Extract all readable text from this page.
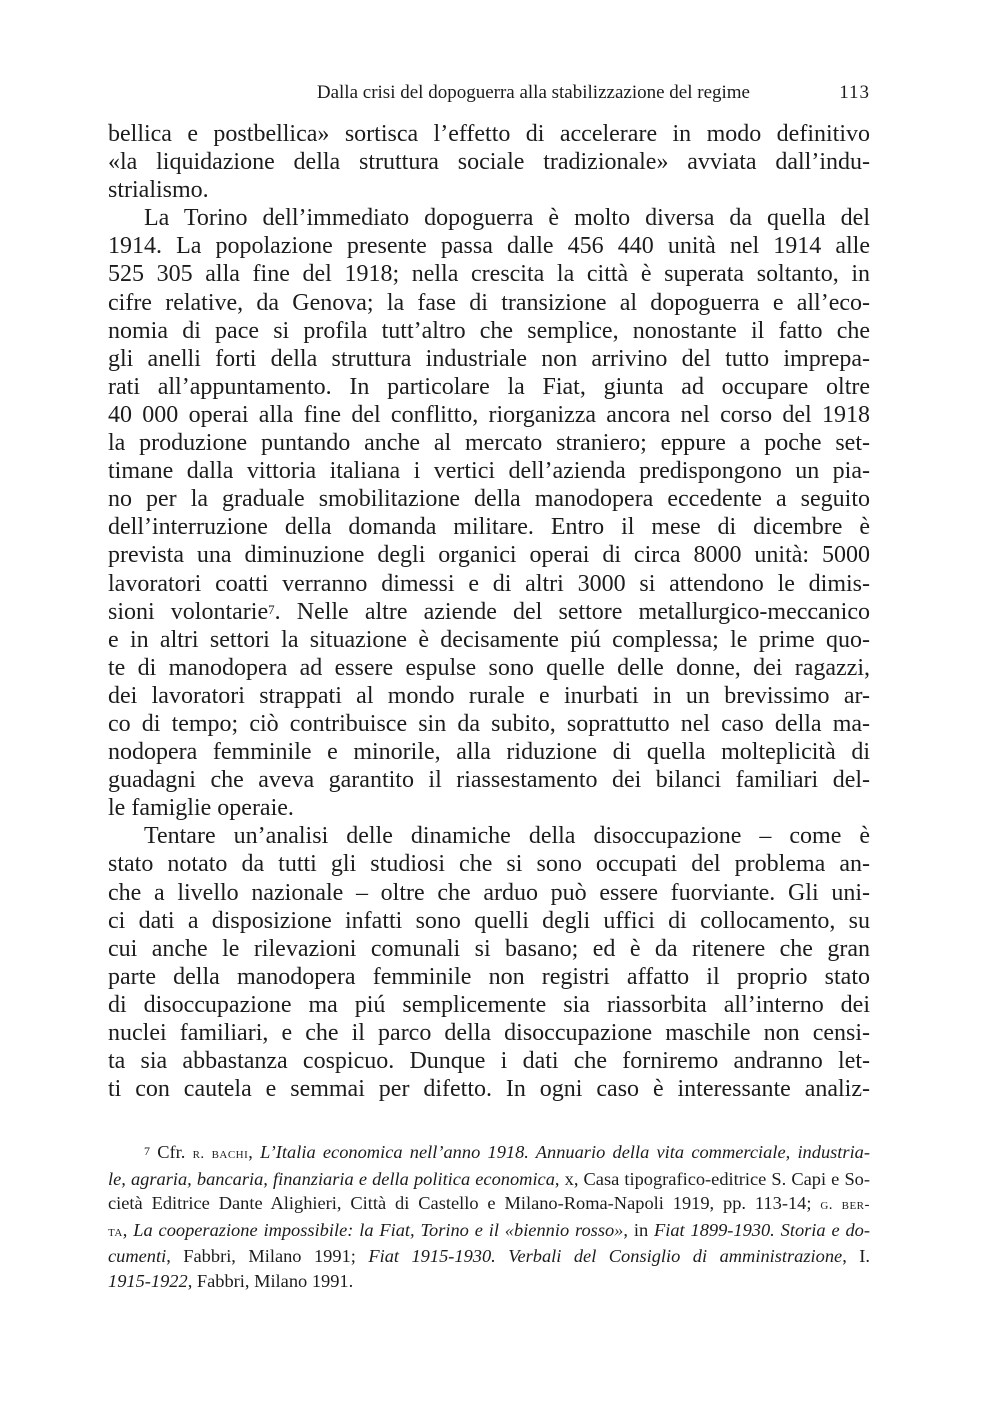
Dalla crisi del dopoguerra alla stabilizzazione del regime	113

bellica e postbellica» sortisca l’effetto di accelerare in modo definitivo
«la liquidazione della struttura sociale tradizionale» avviata dall’indu-
strialismo.

La Torino dell’immediato dopoguerra è molto diversa da quella del
1914. La popolazione presente passa dalle 456 440 unità nel 1914 alle
525 305 alla fine del 1918; nella crescita la città è superata soltanto, in
cifre relative, da Genova; la fase di transizione al dopoguerra e all’eco-
nomia di pace si profila tutt’altro che semplice, nonostante il fatto che
gli anelli forti della struttura industriale non arrivino del tutto imprepa-
rati all’appuntamento. In particolare la Fiat, giunta ad occupare oltre
40 000 operai alla fine del conflitto, riorganizza ancora nel corso del 1918
la produzione puntando anche al mercato straniero; eppure a poche set-
timane dalla vittoria italiana i vertici dell’azienda predispongono un pia-
no per la graduale smobilitazione della manodopera eccedente a seguito
dell’interruzione della domanda militare. Entro il mese di dicembre è
prevista una diminuzione degli organici operai di circa 8000 unità: 5000
lavoratori coatti verranno dimessi e di altri 3000 si attendono le dimis-
sioni volontarie$^7$. Nelle altre aziende del settore metallurgico-meccanico
e in altri settori la situazione è decisamente piú complessa; le prime quo-
te di manodopera ad essere espulse sono quelle delle donne, dei ragazzi,
dei lavoratori strappati al mondo rurale e inurbati in un brevissimo ar-
co di tempo; ciò contribuisce sin da subito, soprattutto nel caso della ma-
nodopera femminile e minorile, alla riduzione di quella molteplicità di
guadagni che aveva garantito il riassestamento dei bilanci familiari del-
le famiglie operaie.

Tentare un’analisi delle dinamiche della disoccupazione – come è
stato notato da tutti gli studiosi che si sono occupati del problema an-
che a livello nazionale – oltre che arduo può essere fuorviante. Gli uni-
ci dati a disposizione infatti sono quelli degli uffici di collocamento, su
cui anche le rilevazioni comunali si basano; ed è da ritenere che gran
parte della manodopera femminile non registri affatto il proprio stato
di disoccupazione ma piú semplicemente sia riassorbita all’interno dei
nuclei familiari, e che il parco della disoccupazione maschile non censi-
ta sia abbastanza cospicuo. Dunque i dati che forniremo andranno let-
ti con cautela e semmai per difetto. In ogni caso è interessante analiz-

$^7$ Cfr. r. bachi, L’Italia economica nell’anno 1918. Annuario della vita commerciale, industria-
le, agraria, bancaria, finanziaria e della politica economica, x, Casa tipografico-editrice S. Capi e So-
cietà Editrice Dante Alighieri, Città di Castello e Milano-Roma-Napoli 1919, pp. 113-14; g. ber-
ta, La cooperazione impossibile: la Fiat, Torino e il «biennio rosso», in Fiat 1899-1930. Storia e do-
cumenti, Fabbri, Milano 1991; Fiat 1915-1930. Verbali del Consiglio di amministrazione, I.
1915-1922, Fabbri, Milano 1991.
